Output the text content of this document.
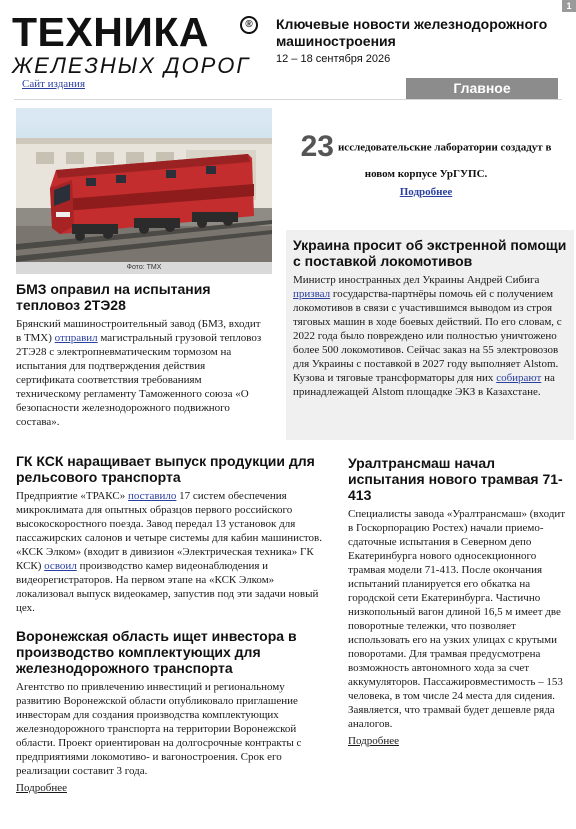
1
ТЕХНИКА
ЖЕЛЕЗНЫХ ДОРОГ
®	Ключевые новости железнодорожного машиностроения
12 – 18 сентября 2026
Сайт издания	Главное
Фото: ТМХ
23 исследовательские лаборатории создадут в новом корпусе УрГУПС.
Подробнее
БМЗ оправил на испытания тепловоз 2ТЭ28

Брянский машиностроительный завод (БМЗ, входит в ТМХ) отправил магистральный грузовой тепловоз 2ТЭ28 с электропневматическим тормозом на испытания для подтверждения действия сертификата соответствия требованиям техническому регламенту Таможенного союза «О безопасности железнодорожного подвижного состава».

Украина просит об экстренной помощи с поставкой локомотивов

Министр иностранных дел Украины Андрей Сибига призвал государства-партнёры помочь ей с получением локомотивов в связи с участившимся выводом из строя тяговых машин в ходе боевых действий. По его словам, с 2022 года было повреждено или полностью уничтожено более 500 локомотивов. Сейчас заказ на 55 электровозов для Украины с поставкой в 2027 году выполняет Alstom. Кузова и тяговые трансформаторы для них собирают на принадлежащей Alstom площадке ЭКЗ в Казахстане.

ГК КСК наращивает выпуск продукции для рельсового транспорта

Предприятие «ТРАКС» поставило 17 систем обеспечения микроклимата для опытных образцов первого российского высокоскоростного поезда. Завод передал 13 установок для пассажирских салонов и четыре системы для кабин машинистов. «КСК Элком» (входит в дивизион «Электрическая техника» ГК КСК) освоил производство камер видеонаблюдения и видеорегистраторов. На первом этапе на «КСК Элком» локализовал выпуск видеокамер, запустив под эти задачи новый цех.

Воронежская область ищет инвестора в производство комплектующих для железнодорожного транспорта

Агентство по привлечению инвестиций и региональному развитию Воронежской области опубликовало приглашение инвесторам для создания производства комплектующих железнодорожного транспорта на территории Воронежской области. Проект ориентирован на долгосрочные контракты с предприятиями локомотиво- и вагоностроения. Срок его реализации составит 3 года.

Подробнее
Уралтрансмаш начал испытания нового трамвая 71-413

Специалисты завода «Уралтрансмаш» (входит в Госкорпорацию Ростех) начали приемо-сдаточные испытания в Северном депо Екатеринбурга нового односекционного трамвая модели 71-413. После окончания испытаний планируется его обкатка на городской сети Екатеринбурга. Частично низкопольный вагон длиной 16,5 м имеет две поворотные тележки, что позволяет использовать его на узких улицах с крутыми поворотами. Для трамвая предусмотрена возможность автономного хода за счет аккумуляторов. Пассажировместимость – 153 человека, в том числе 24 места для сидения. Заявляется, что трамвай будет дешевле ряда аналогов.

Подробнее
